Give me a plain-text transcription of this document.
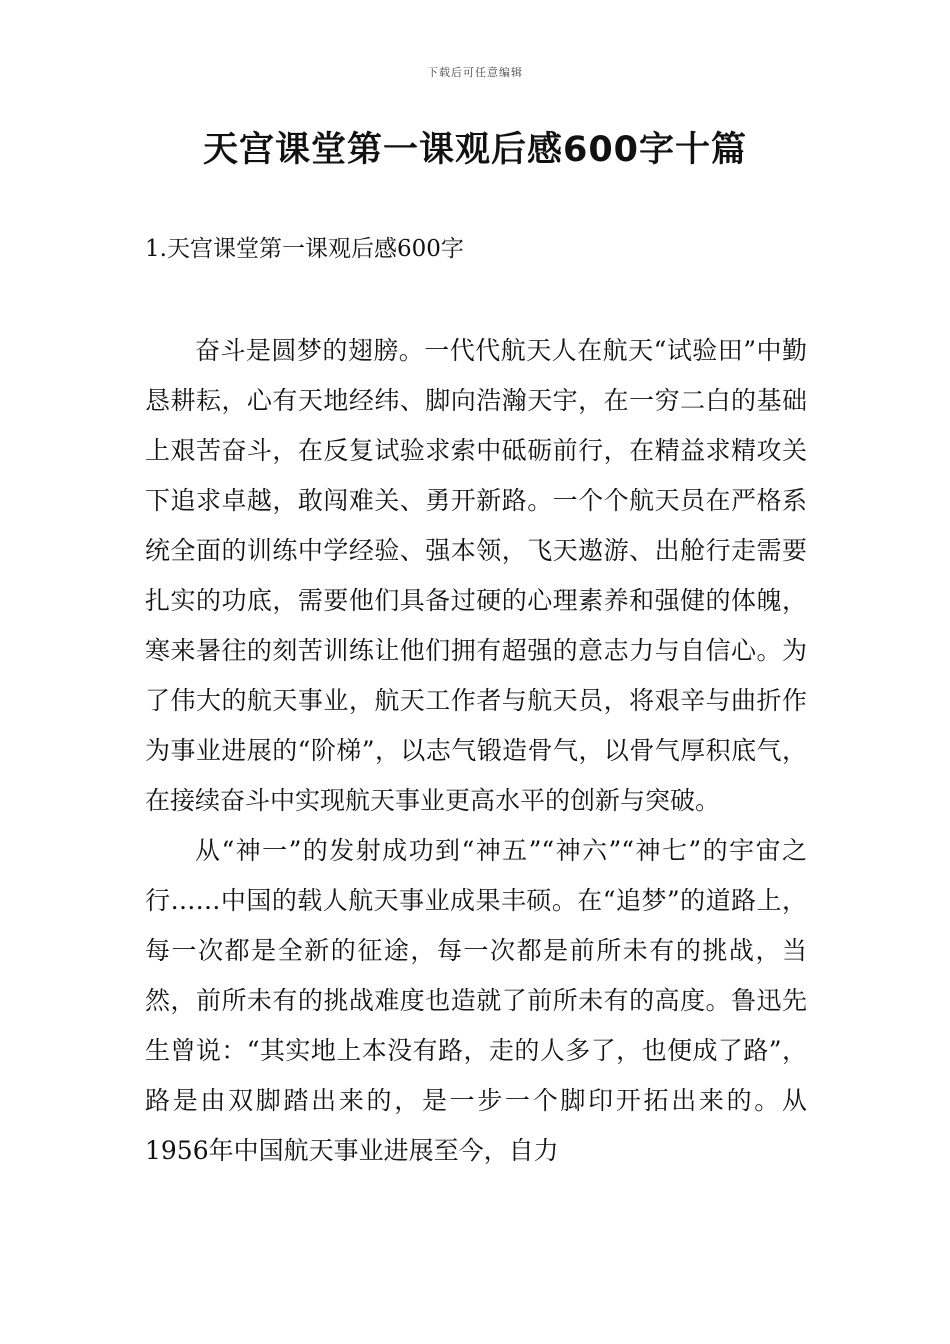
下载后可任意编辑
天宫课堂第一课观后感600字十篇
1.天宫课堂第一课观后感600字

奋斗是圆梦的翅膀。一代代航天人在航天“试验田”中勤恳耕耘，心有天地经纬、脚向浩瀚天宇，在一穷二白的基础上艰苦奋斗，在反复试验求索中砥砺前行，在精益求精攻关下追求卓越，敢闯难关、勇开新路。一个个航天员在严格系统全面的训练中学经验、强本领，飞天遨游、出舱行走需要扎实的功底，需要他们具备过硬的心理素养和强健的体魄，寒来暑往的刻苦训练让他们拥有超强的意志力与自信心。为了伟大的航天事业，航天工作者与航天员，将艰辛与曲折作为事业进展的“阶梯”，以志气锻造骨气，以骨气厚积底气，在接续奋斗中实现航天事业更高水平的创新与突破。

从“神一”的发射成功到“神五”“神六”“神七”的宇宙之行……中国的载人航天事业成果丰硕。在“追梦”的道路上，每一次都是全新的征途，每一次都是前所未有的挑战，当然，前所未有的挑战难度也造就了前所未有的高度。鲁迅先生曾说：“其实地上本没有路，走的人多了，也便成了路”，路是由双脚踏出来的，是一步一个脚印开拓出来的。从1956年中国航天事业进展至今，自力
